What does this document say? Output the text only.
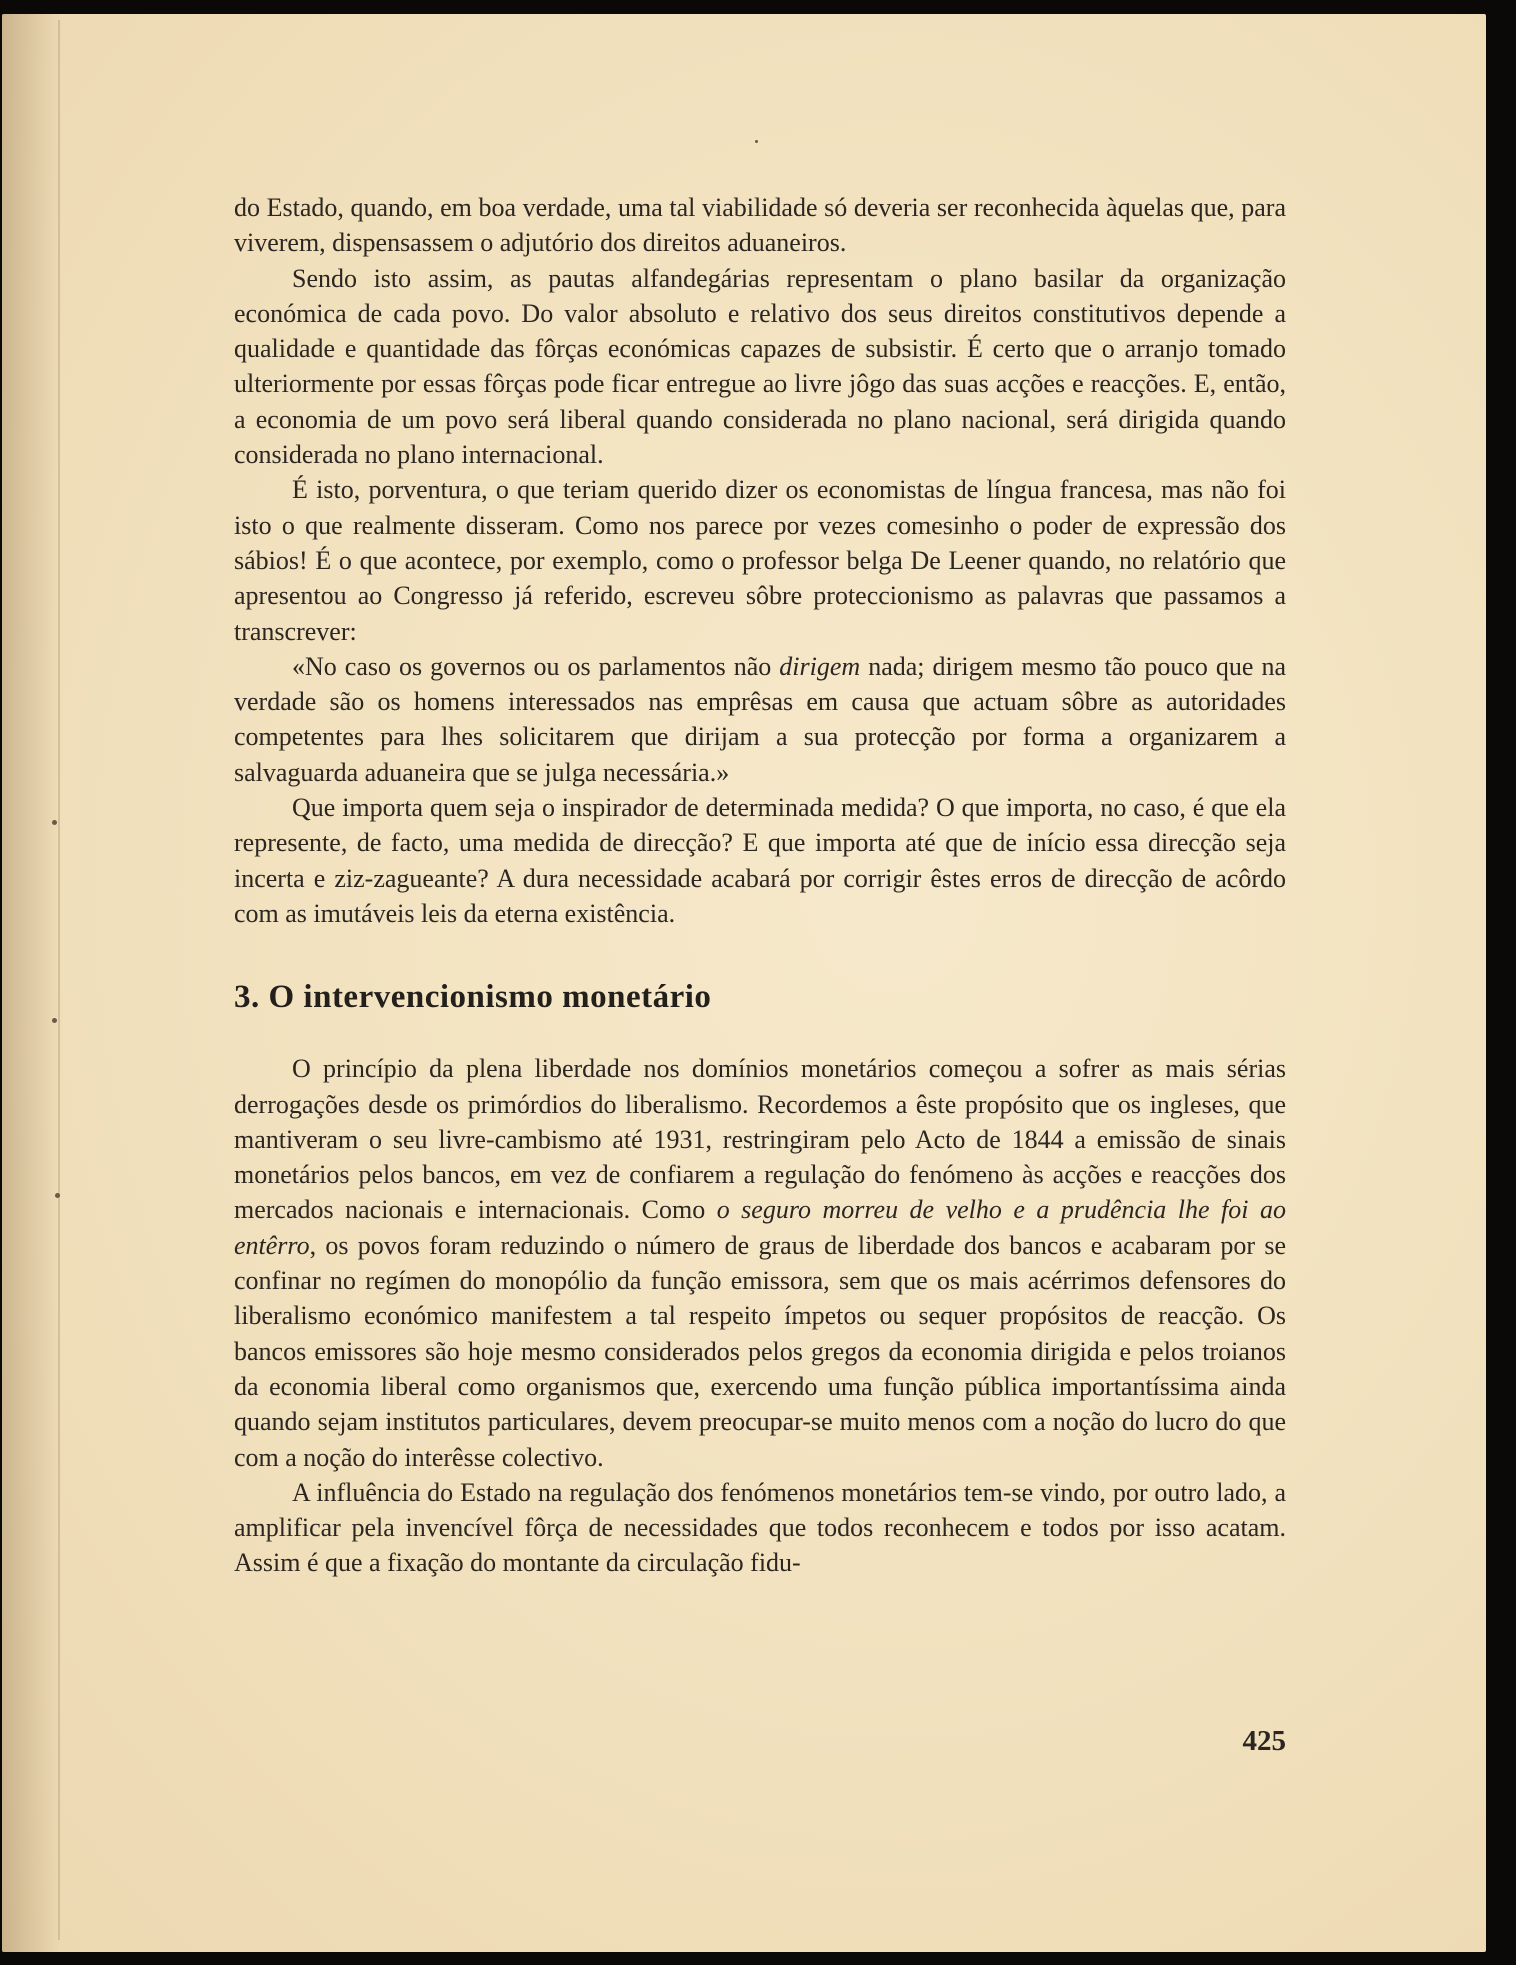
do Estado, quando, em boa verdade, uma tal viabilidade só deveria ser reconhecida àquelas que, para viverem, dispensassem o adjutório dos direitos aduaneiros.

Sendo isto assim, as pautas alfandegárias representam o plano basilar da organização económica de cada povo. Do valor absoluto e relativo dos seus direitos constitutivos depende a qualidade e quantidade das fôrças económicas capazes de subsistir. É certo que o arranjo tomado ulteriormente por essas fôrças pode ficar entregue ao livre jôgo das suas acções e reacções. E, então, a economia de um povo será liberal quando considerada no plano nacional, será dirigida quando considerada no plano internacional.

É isto, porventura, o que teriam querido dizer os economistas de língua francesa, mas não foi isto o que realmente disseram. Como nos parece por vezes comesinho o poder de expressão dos sábios! É o que acontece, por exemplo, como o professor belga De Leener quando, no relatório que apresentou ao Congresso já referido, escreveu sôbre proteccionismo as palavras que passamos a transcrever:

«No caso os governos ou os parlamentos não dirigem nada; dirigem mesmo tão pouco que na verdade são os homens interessados nas emprêsas em causa que actuam sôbre as autoridades competentes para lhes solicitarem que dirijam a sua protecção por forma a organizarem a salvaguarda aduaneira que se julga necessária.»

Que importa quem seja o inspirador de determinada medida? O que importa, no caso, é que ela represente, de facto, uma medida de direcção? E que importa até que de início essa direcção seja incerta e ziz-zagueante? A dura necessidade acabará por corrigir êstes erros de direcção de acôrdo com as imutáveis leis da eterna existência.

3. O intervencionismo monetário

O princípio da plena liberdade nos domínios monetários começou a sofrer as mais sérias derrogações desde os primórdios do liberalismo. Recordemos a êste propósito que os ingleses, que mantiveram o seu livre-cambismo até 1931, restringiram pelo Acto de 1844 a emissão de sinais monetários pelos bancos, em vez de confiarem a regulação do fenómeno às acções e reacções dos mercados nacionais e internacionais. Como o seguro morreu de velho e a prudência lhe foi ao entêrro, os povos foram reduzindo o número de graus de liberdade dos bancos e acabaram por se confinar no regímen do monopólio da função emissora, sem que os mais acérrimos defensores do liberalismo económico manifestem a tal respeito ímpetos ou sequer propósitos de reacção. Os bancos emissores são hoje mesmo considerados pelos gregos da economia dirigida e pelos troianos da economia liberal como organismos que, exercendo uma função pública importantíssima ainda quando sejam institutos particulares, devem preocupar-se muito menos com a noção do lucro do que com a noção do interêsse colectivo.

A influência do Estado na regulação dos fenómenos monetários tem-se vindo, por outro lado, a amplificar pela invencível fôrça de necessidades que todos reconhecem e todos por isso acatam. Assim é que a fixação do montante da circulação fidu-

425
